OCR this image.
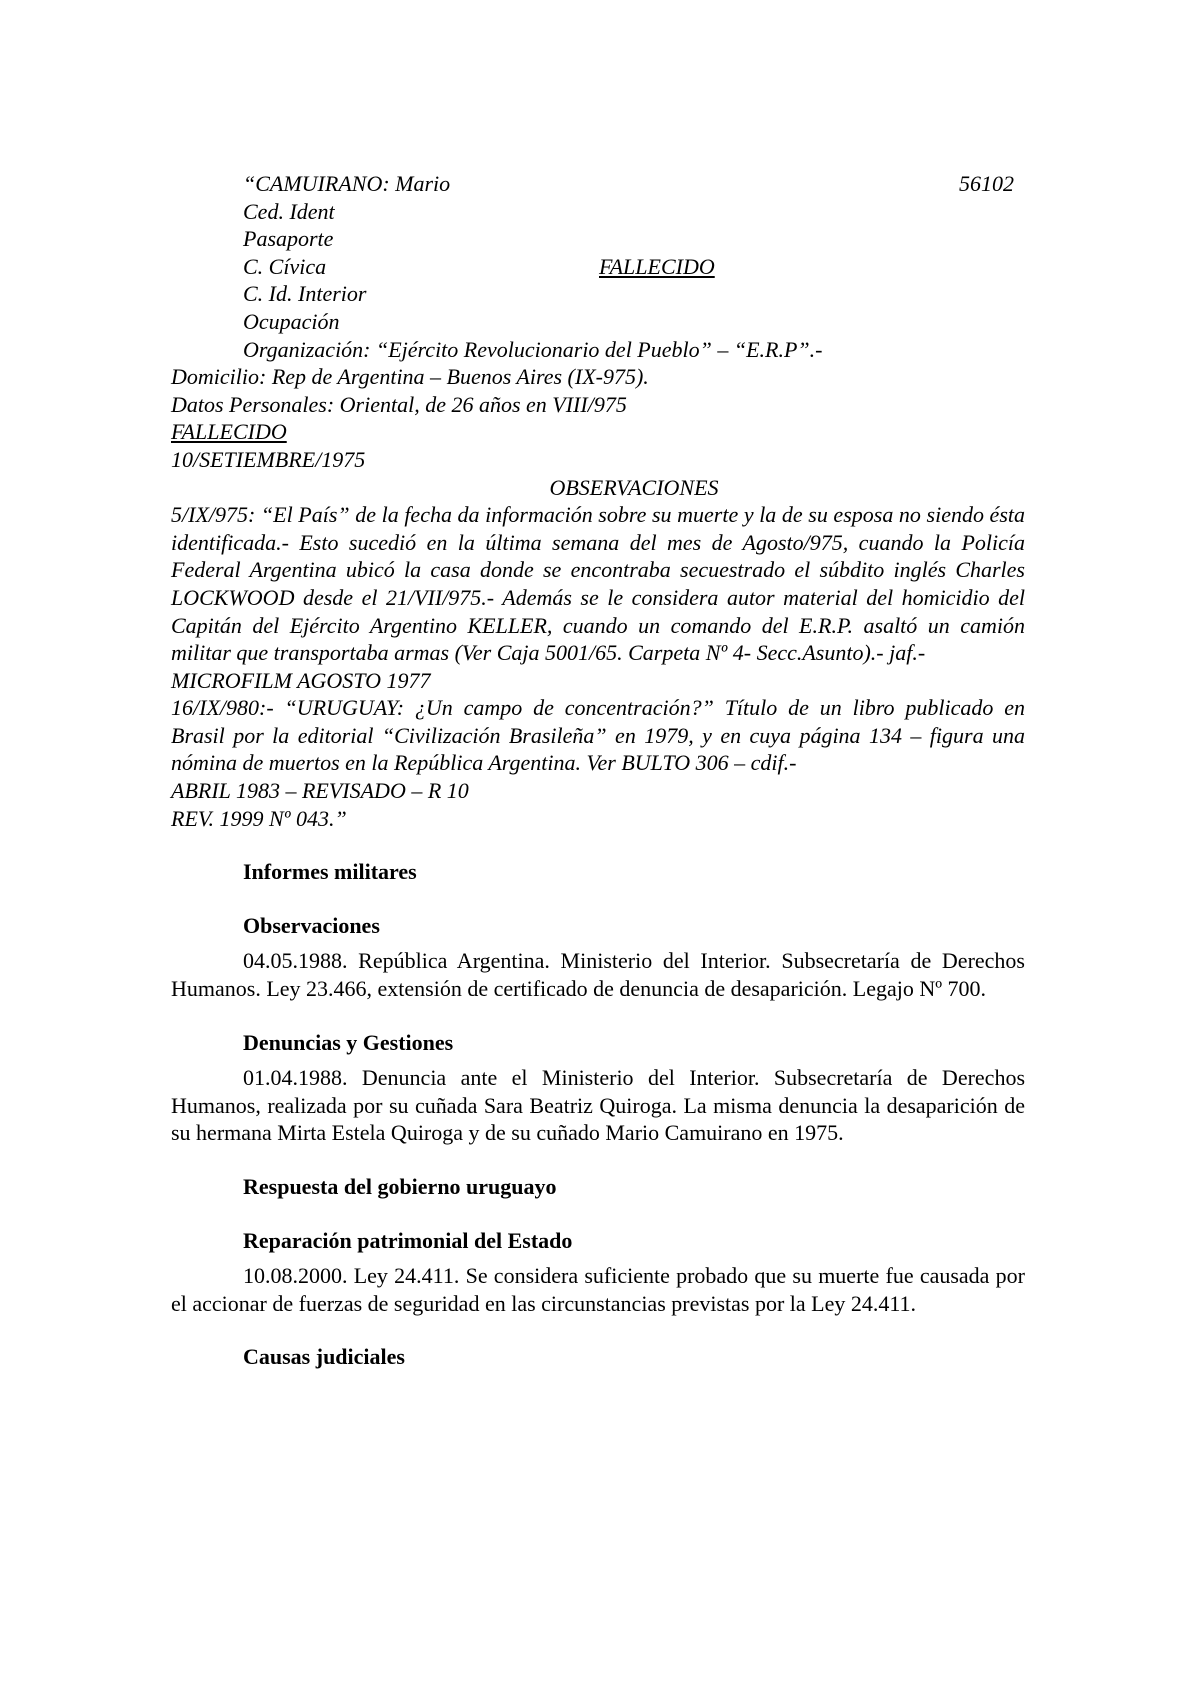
“CAMUIRANO: Mario	56102
Ced. Ident
Pasaporte
C. Cívica	FALLECIDO
C. Id. Interior
Ocupación
Organización: “Ejército Revolucionario del Pueblo” – “E.R.P”.-
Domicilio: Rep de Argentina – Buenos Aires (IX-975).
Datos Personales: Oriental, de 26 años en VIII/975
FALLECIDO
10/SETIEMBRE/1975
OBSERVACIONES
5/IX/975: “El País” de la fecha da información sobre su muerte y la de su esposa no siendo ésta identificada.- Esto sucedió en la última semana del mes de Agosto/975, cuando la Policía Federal Argentina ubicó la casa donde se encontraba secuestrado el súbdito inglés Charles LOCKWOOD desde el 21/VII/975.- Además se le considera autor material del homicidio del Capitán del Ejército Argentino KELLER, cuando un comando del E.R.P. asaltó un camión militar que transportaba armas (Ver Caja 5001/65. Carpeta Nº 4- Secc.Asunto).- jaf.-
MICROFILM AGOSTO 1977
16/IX/980:- “URUGUAY: ¿Un campo de concentración?” Título de un libro publicado en Brasil por la editorial “Civilización Brasileña” en 1979, y en cuya página 134 – figura una nómina de muertos en la República Argentina. Ver BULTO 306 – cdif.-
ABRIL 1983 – REVISADO – R 10
REV. 1999 Nº 043.”
Informes militares
Observaciones
04.05.1988. República Argentina. Ministerio del Interior. Subsecretaría de Derechos Humanos. Ley 23.466, extensión de certificado de denuncia de desaparición. Legajo Nº 700.
Denuncias y Gestiones
01.04.1988. Denuncia ante el Ministerio del Interior. Subsecretaría de Derechos Humanos, realizada por su cuñada Sara Beatriz Quiroga. La misma denuncia la desaparición de su hermana Mirta Estela Quiroga y de su cuñado Mario Camuirano en 1975.
Respuesta del gobierno uruguayo
Reparación patrimonial del Estado
10.08.2000. Ley 24.411. Se considera suficiente probado que su muerte fue causada por el accionar de fuerzas de seguridad en las circunstancias previstas por la Ley 24.411.
Causas judiciales
